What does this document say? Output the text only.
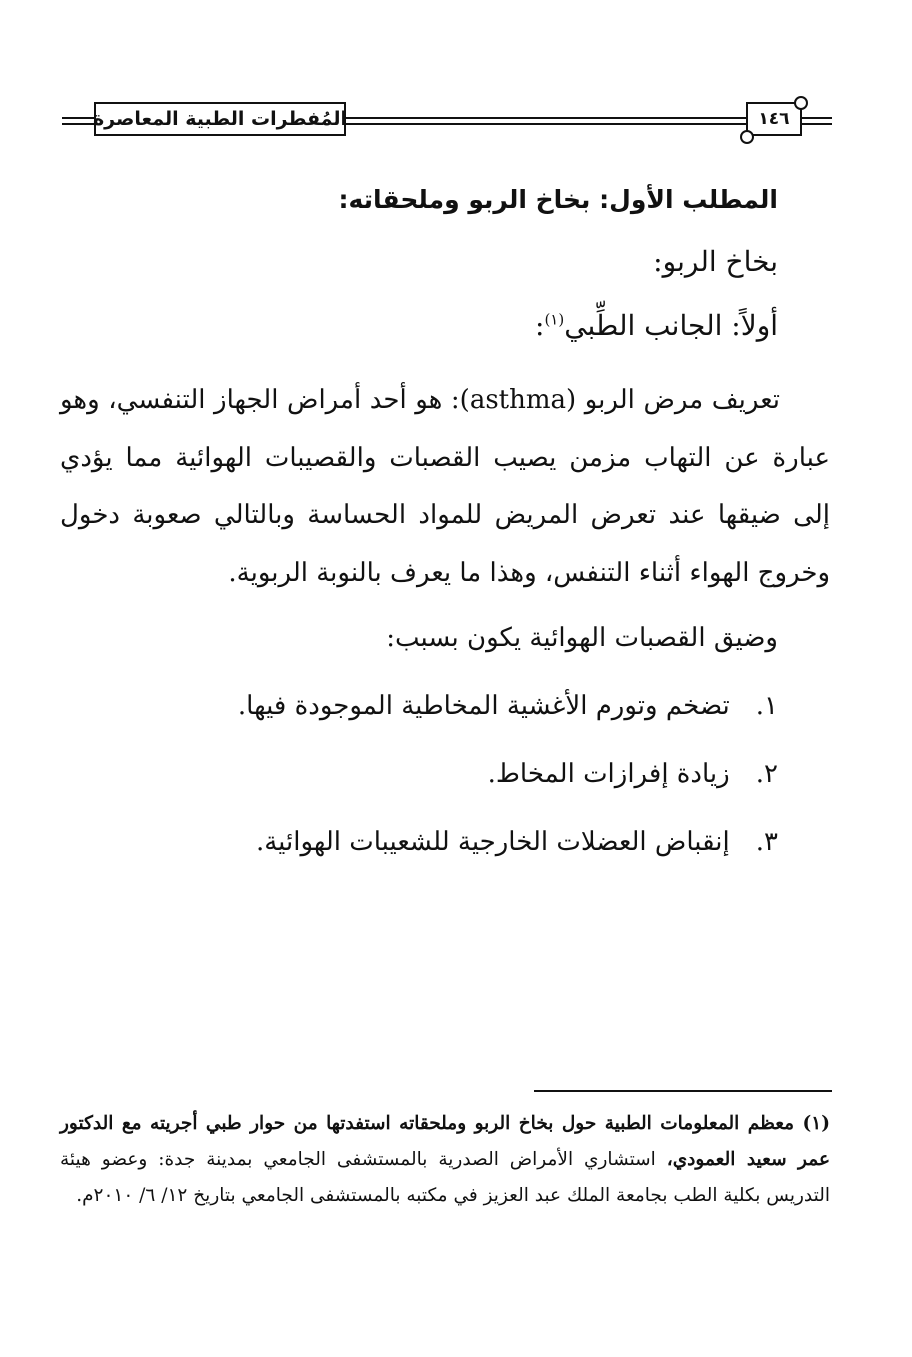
المُفطرات الطبية المعاصرة	١٤٦
المطلب الأول: بخاخ الربو وملحقاته:
بخاخ الربو:
أولاً: الجانب الطِّبي$^{(١)}$:
تعريف مرض الربو (asthma): هو أحد أمراض الجهاز التنفسي، وهو عبارة عن التهاب مزمن يصيب القصبات والقصيبات الهوائية مما يؤدي إلى ضيقها عند تعرض المريض للمواد الحساسة وبالتالي صعوبة دخول وخروج الهواء أثناء التنفس، وهذا ما يعرف بالنوبة الربوية.
وضيق القصبات الهوائية يكون بسبب:
١. تضخم وتورم الأغشية المخاطية الموجودة فيها.
٢. زيادة إفرازات المخاط.
٣. إنقباض العضلات الخارجية للشعيبات الهوائية.
(١) معظم المعلومات الطبية حول بخاخ الربو وملحقاته استفدتها من حوار طبي أجريته مع الدكتور عمر سعيد العمودي، استشاري الأمراض الصدرية بالمستشفى الجامعي بمدينة جدة: وعضو هيئة التدريس بكلية الطب بجامعة الملك عبد العزيز في مكتبه بالمستشفى الجامعي بتاريخ ١٢/ ٦/ ٢٠١٠م.
